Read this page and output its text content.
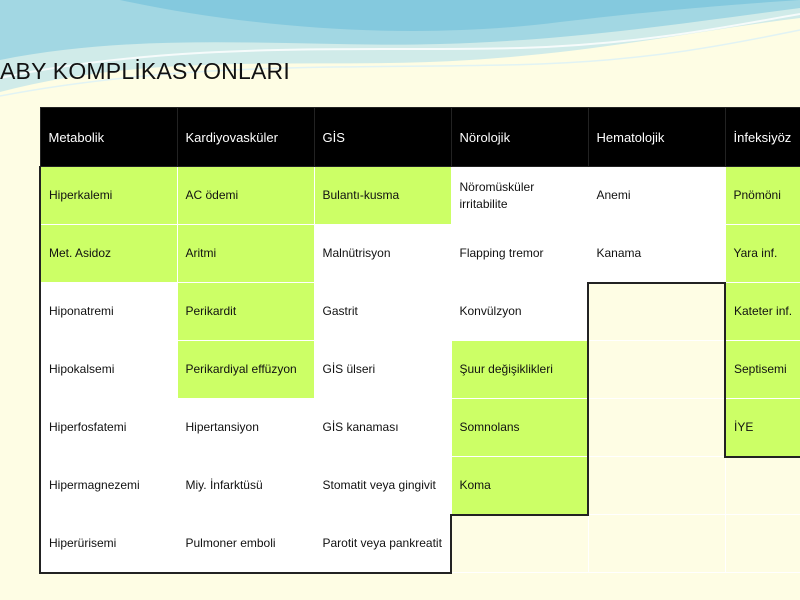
ABY KOMPLİKASYONLARI
Metabolik	Kardiyovasküler	GİS	Nörolojik	Hematolojik	İnfeksiyöz
Hiperkalemi	AC ödemi	Bulantı-kusma	Nöromüsküler irritabilite	Anemi	Pnömöni
Met. Asidoz	Aritmi	Malnütrisyon	Flapping tremor	Kanama	Yara inf.
Hiponatremi	Perikardit	Gastrit	Konvülzyon		Kateter inf.
Hipokalsemi	Perikardiyal effüzyon	GİS ülseri	Şuur değişiklikleri		Septisemi
Hiperfosfatemi	Hipertansiyon	GİS kanaması	Somnolans		İYE
Hipermagnezemi	Miy. İnfarktüsü	Stomatit veya gingivit	Koma		
Hiperürisemi	Pulmoner emboli	Parotit veya pankreatit			
